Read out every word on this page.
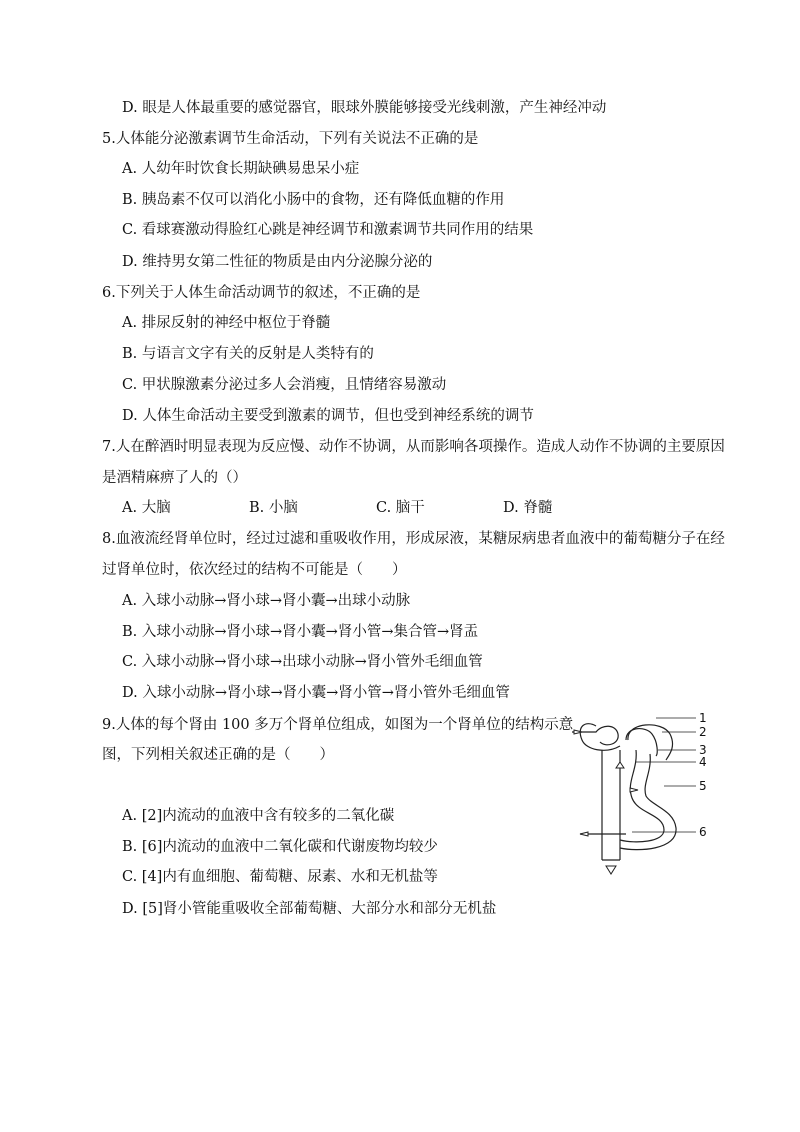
D. 眼是人体最重要的感觉器官，眼球外膜能够接受光线刺激，产生神经冲动
5.人体能分泌激素调节生命活动，下列有关说法不正确的是
A. 人幼年时饮食长期缺碘易患呆小症
B. 胰岛素不仅可以消化小肠中的食物，还有降低血糖的作用
C. 看球赛激动得脸红心跳是神经调节和激素调节共同作用的结果
D. 维持男女第二性征的物质是由内分泌腺分泌的
6.下列关于人体生命活动调节的叙述，不正确的是
A. 排尿反射的神经中枢位于脊髓
B. 与语言文字有关的反射是人类特有的
C. 甲状腺激素分泌过多人会消瘦，且情绪容易激动
D. 人体生命活动主要受到激素的调节，但也受到神经系统的调节
7.人在醉酒时明显表现为反应慢、动作不协调，从而影响各项操作。造成人动作不协调的主要原因
是酒精麻痹了人的（）
A. 大脑	B. 小脑	C. 脑干	D. 脊髓
8.血液流经肾单位时，经过过滤和重吸收作用，形成尿液，某糖尿病患者血液中的葡萄糖分子在经
过肾单位时，依次经过的结构不可能是（　　）
A. 入球小动脉→肾小球→肾小囊→出球小动脉
B. 入球小动脉→肾小球→肾小囊→肾小管→集合管→肾盂
C. 入球小动脉→肾小球→出球小动脉→肾小管外毛细血管
D. 入球小动脉→肾小球→肾小囊→肾小管→肾小管外毛细血管
9.人体的每个肾由 100 多万个肾单位组成，如图为一个肾单位的结构示意
图，下列相关叙述正确的是（　　）
A. [2]内流动的血液中含有较多的二氧化碳
B. [6]内流动的血液中二氧化碳和代谢废物均较少
C. [4]内有血细胞、葡萄糖、尿素、水和无机盐等
D. [5]肾小管能重吸收全部葡萄糖、大部分水和部分无机盐
1
2
3
4
5
6
